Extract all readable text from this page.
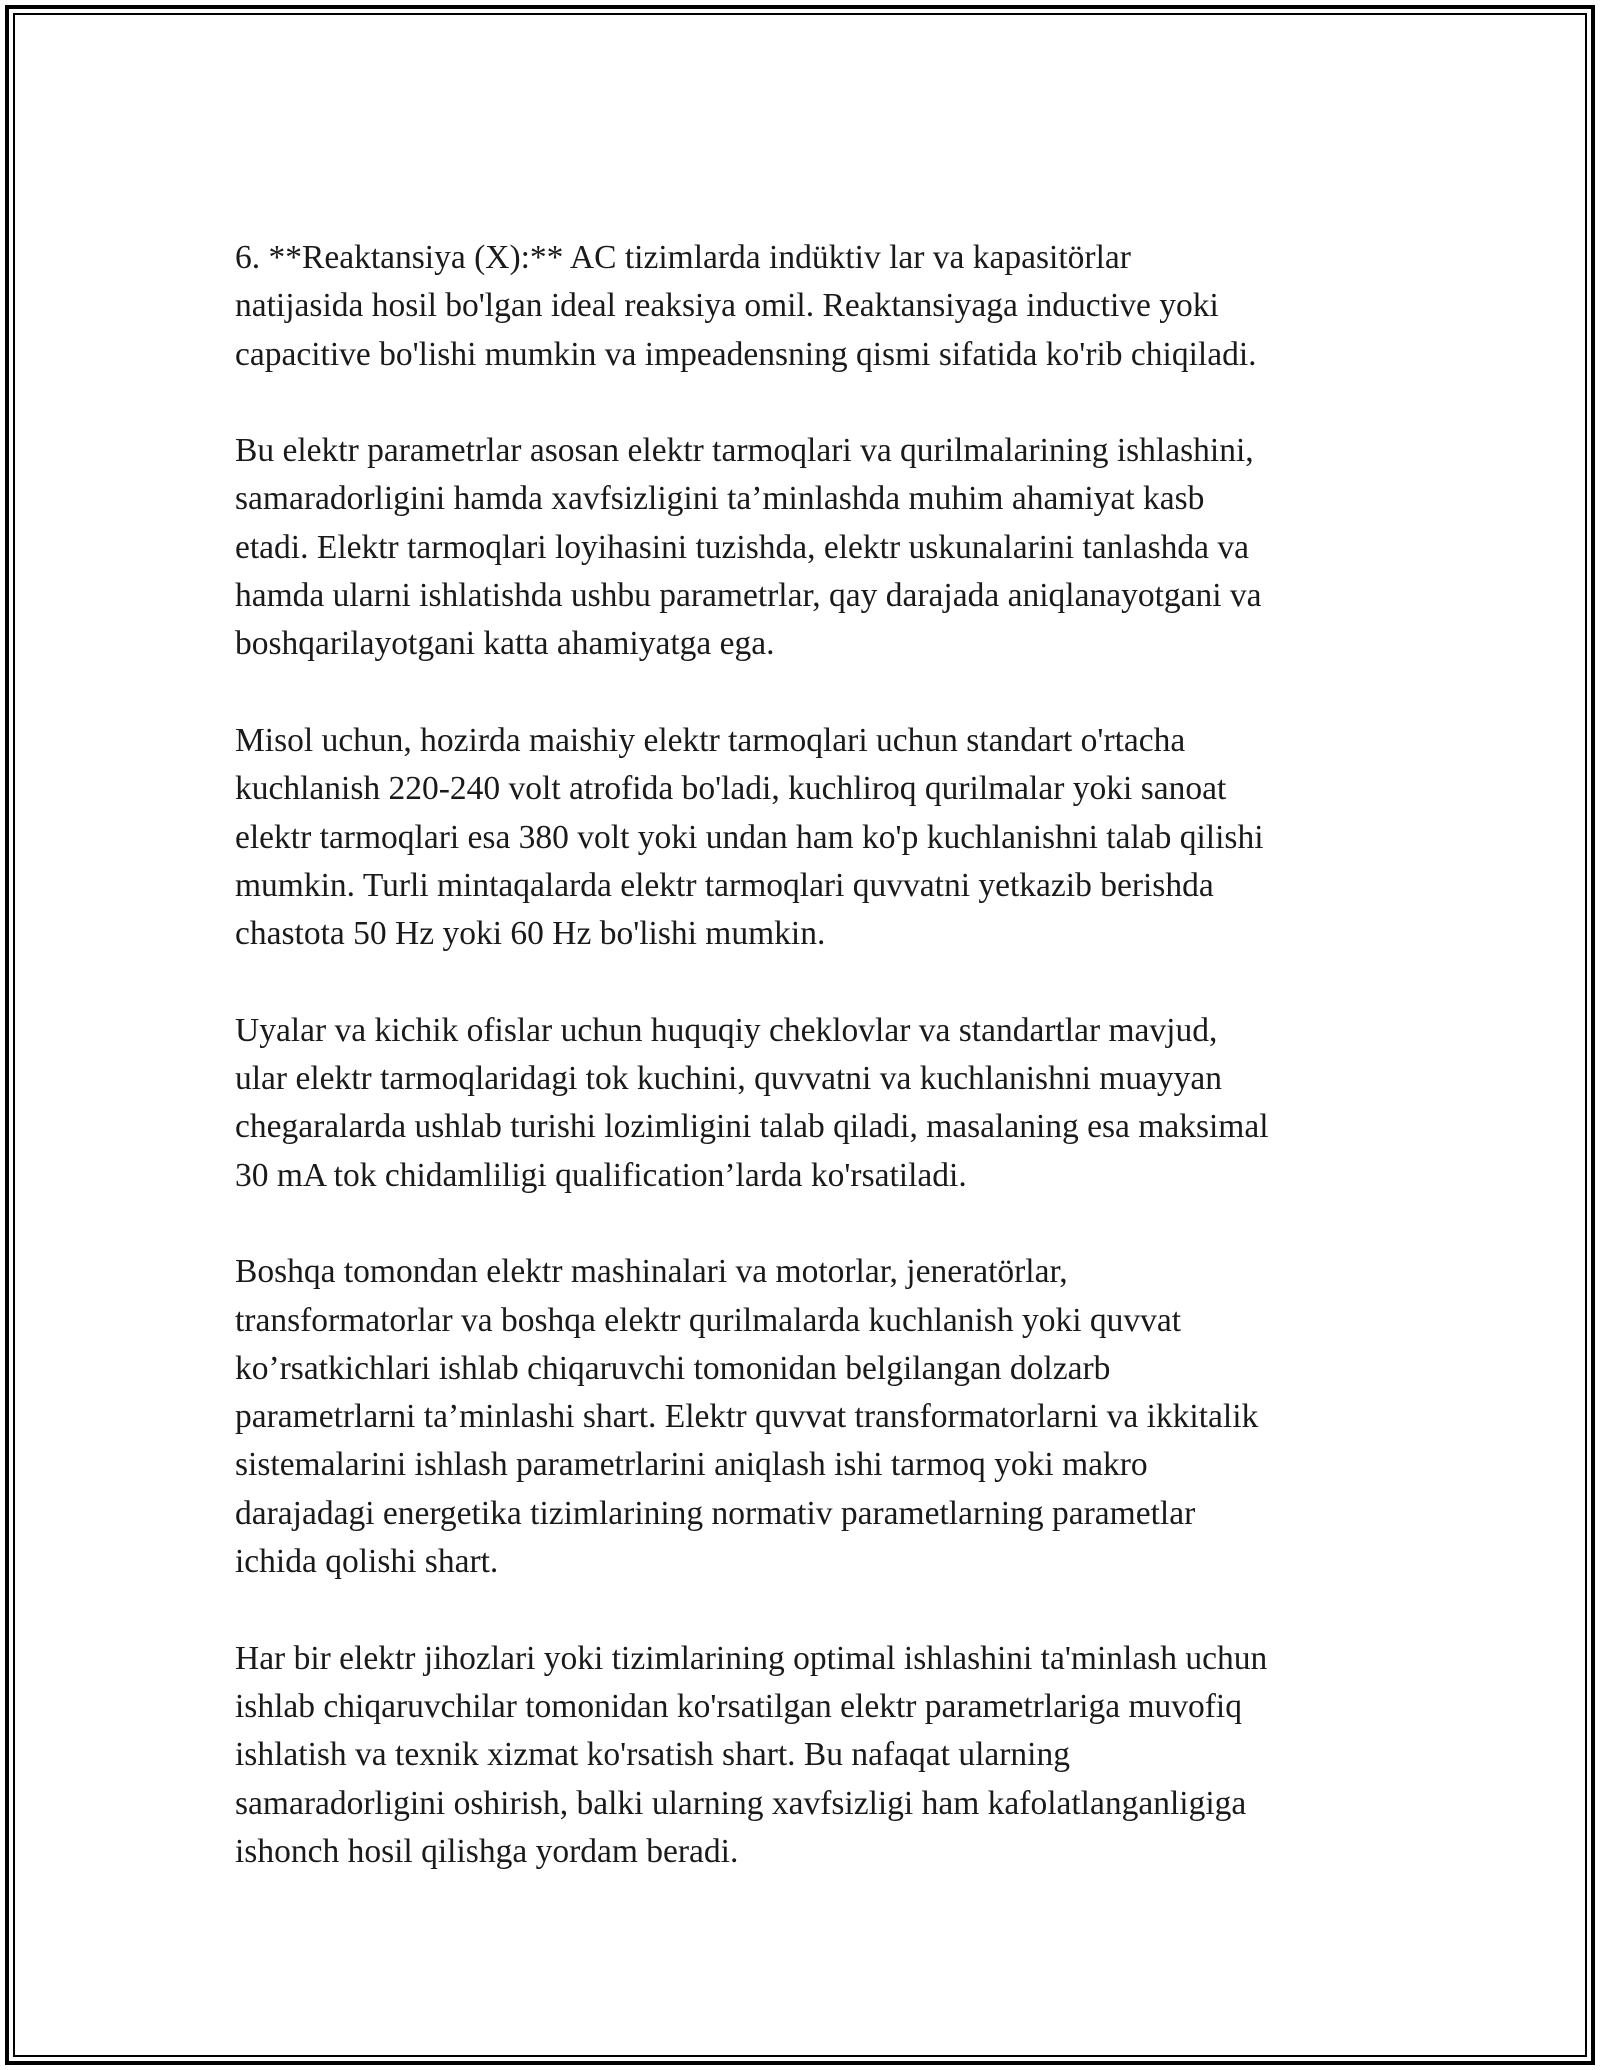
6. **Reaktansiya (X):** AC tizimlarda indüktiv lar va kapasitörlar
natijasida hosil bo'lgan ideal reaksiya omil. Reaktansiyaga inductive yoki
capacitive bo'lishi mumkin va impeadensning qismi sifatida ko'rib chiqiladi.

Bu elektr parametrlar asosan elektr tarmoqlari va qurilmalarining ishlashini,
samaradorligini hamda xavfsizligini ta’minlashda muhim ahamiyat kasb
etadi. Elektr tarmoqlari loyihasini tuzishda, elektr uskunalarini tanlashda va
hamda ularni ishlatishda ushbu parametrlar, qay darajada aniqlanayotgani va
boshqarilayotgani katta ahamiyatga ega.

Misol uchun, hozirda maishiy elektr tarmoqlari uchun standart o'rtacha
kuchlanish 220-240 volt atrofida bo'ladi, kuchliroq qurilmalar yoki sanoat
elektr tarmoqlari esa 380 volt yoki undan ham ko'p kuchlanishni talab qilishi
mumkin. Turli mintaqalarda elektr tarmoqlari quvvatni yetkazib berishda
chastota 50 Hz yoki 60 Hz bo'lishi mumkin.

Uyalar va kichik ofislar uchun huquqiy cheklovlar va standartlar mavjud,
ular elektr tarmoqlaridagi tok kuchini, quvvatni va kuchlanishni muayyan
chegaralarda ushlab turishi lozimligini talab qiladi, masalaning esa maksimal
30 mA tok chidamliligi qualification’larda ko'rsatiladi.

Boshqa tomondan elektr mashinalari va motorlar, jeneratörlar,
transformatorlar va boshqa elektr qurilmalarda kuchlanish yoki quvvat
ko’rsatkichlari ishlab chiqaruvchi tomonidan belgilangan dolzarb
parametrlarni ta’minlashi shart. Elektr quvvat transformatorlarni va ikkitalik
sistemalarini ishlash parametrlarini aniqlash ishi tarmoq yoki makro
darajadagi energetika tizimlarining normativ parametlarning parametlar
ichida qolishi shart.

Har bir elektr jihozlari yoki tizimlarining optimal ishlashini ta'minlash uchun
ishlab chiqaruvchilar tomonidan ko'rsatilgan elektr parametrlariga muvofiq
ishlatish va texnik xizmat ko'rsatish shart. Bu nafaqat ularning
samaradorligini oshirish, balki ularning xavfsizligi ham kafolatlanganligiga
ishonch hosil qilishga yordam beradi.
